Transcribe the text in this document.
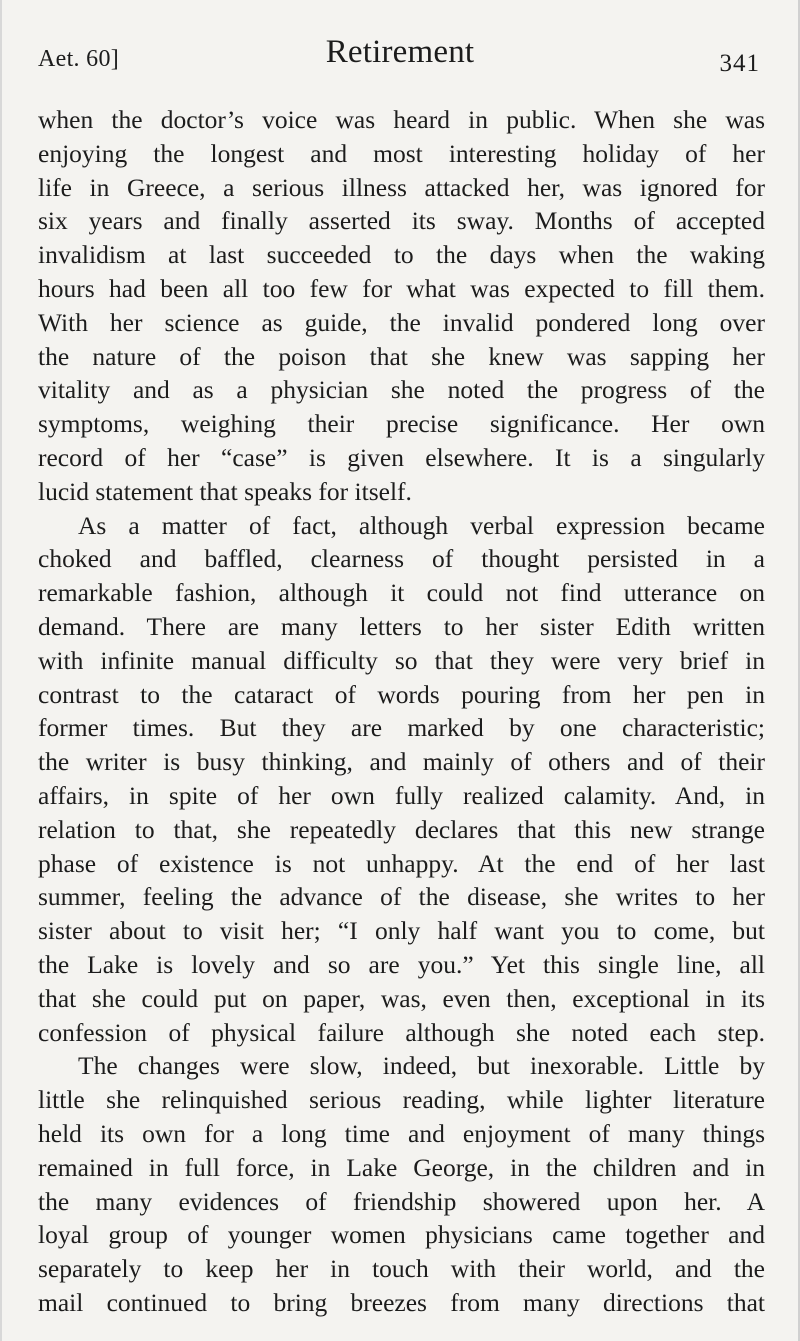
Aet. 60]	Retirement	341
when the doctor’s voice was heard in public. When she was
enjoying the longest and most interesting holiday of her
life in Greece, a serious illness attacked her, was ignored for
six years and finally asserted its sway. Months of accepted
invalidism at last succeeded to the days when the waking
hours had been all too few for what was expected to fill them.
With her science as guide, the invalid pondered long over
the nature of the poison that she knew was sapping her
vitality and as a physician she noted the progress of the
symptoms, weighing their precise significance. Her own
record of her “case” is given elsewhere. It is a singularly
lucid statement that speaks for itself.
As a matter of fact, although verbal expression became
choked and baffled, clearness of thought persisted in a
remarkable fashion, although it could not find utterance on
demand. There are many letters to her sister Edith written
with infinite manual difficulty so that they were very brief in
contrast to the cataract of words pouring from her pen in
former times. But they are marked by one characteristic;
the writer is busy thinking, and mainly of others and of their
affairs, in spite of her own fully realized calamity. And, in
relation to that, she repeatedly declares that this new strange
phase of existence is not unhappy. At the end of her last
summer, feeling the advance of the disease, she writes to her
sister about to visit her; “I only half want you to come, but
the Lake is lovely and so are you.” Yet this single line, all
that she could put on paper, was, even then, exceptional in its
confession of physical failure although she noted each step.
The changes were slow, indeed, but inexorable. Little by
little she relinquished serious reading, while lighter literature
held its own for a long time and enjoyment of many things
remained in full force, in Lake George, in the children and in
the many evidences of friendship showered upon her. A
loyal group of younger women physicians came together and
separately to keep her in touch with their world, and the
mail continued to bring breezes from many directions that
